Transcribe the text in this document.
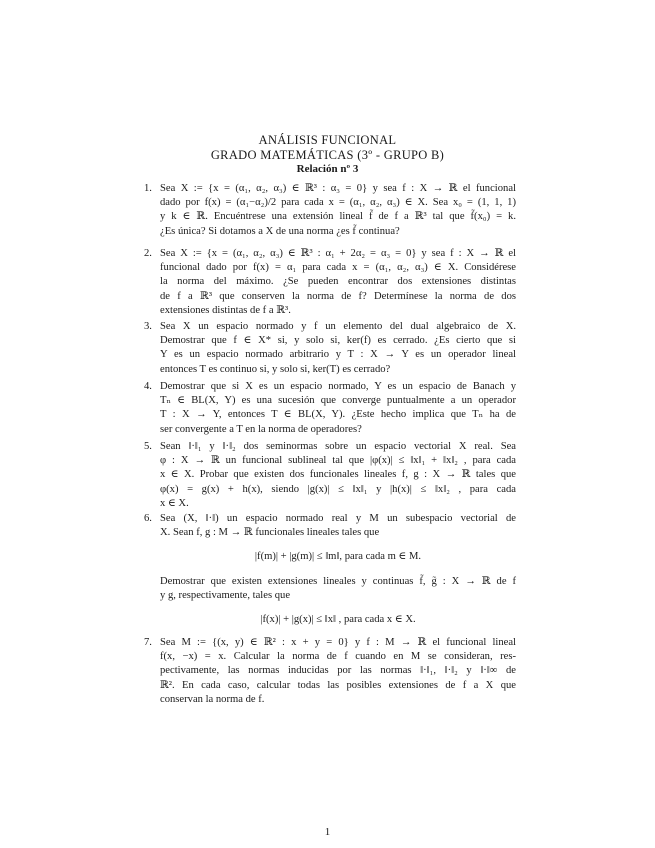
ANÁLISIS FUNCIONAL
GRADO MATEMÁTICAS (3º - GRUPO B)
Relación nº 3
1. Sea X := {x = (α₁, α₂, α₃) ∈ ℝ³ : α₃ = 0} y sea f : X → ℝ el funcional
dado por f(x) = (α₁−α₂)/2 para cada x = (α₁, α₂, α₃) ∈ X. Sea x₀ = (1, 1, 1)
y k ∈ ℝ. Encuéntrese una extensión lineal f̃ de f a ℝ³ tal que f̃(x₀) = k.
¿Es única? Si dotamos a X de una norma ¿es f̃ continua?
2. Sea X := {x = (α₁, α₂, α₃) ∈ ℝ³ : α₁ + 2α₂ = α₃ = 0} y sea f : X → ℝ el
funcional dado por f(x) = α₁ para cada x = (α₁, α₂, α₃) ∈ X. Considérese
la norma del máximo. ¿Se pueden encontrar dos extensiones distintas
de f a ℝ³ que conserven la norma de f? Determínese la norma de dos
extensiones distintas de f a ℝ³.
3. Sea X un espacio normado y f un elemento del dual algebraico de X.
Demostrar que f ∈ X* si, y solo si, ker(f) es cerrado. ¿Es cierto que si
Y es un espacio normado arbitrario y T : X → Y es un operador lineal
entonces T es continuo si, y solo si, ker(T) es cerrado?
4. Demostrar que si X es un espacio normado, Y es un espacio de Banach y
Tₙ ∈ BL(X, Y) es una sucesión que converge puntualmente a un operador
T : X → Y, entonces T ∈ BL(X, Y). ¿Este hecho implica que Tₙ ha de
ser convergente a T en la norma de operadores?
5. Sean ‖·‖₁ y ‖·‖₂ dos seminormas sobre un espacio vectorial X real. Sea
φ : X → ℝ un funcional sublineal tal que |φ(x)| ≤ ‖x‖₁ + ‖x‖₂ , para cada
x ∈ X. Probar que existen dos funcionales lineales f, g : X → ℝ tales que
φ(x) = g(x) + h(x), siendo |g(x)| ≤ ‖x‖₁ y |h(x)| ≤ ‖x‖₂ , para cada
x ∈ X.
6. Sea (X, ‖·‖) un espacio normado real y M un subespacio vectorial de
X. Sean f, g : M → ℝ funcionales lineales tales que
|f(m)| + |g(m)| ≤ ‖m‖, para cada m ∈ M.
Demostrar que existen extensiones lineales y continuas f̃, g̃ : X → ℝ de f
y g, respectivamente, tales que
|f(x)| + |g(x)| ≤ ‖x‖ , para cada x ∈ X.
7. Sea M := {(x, y) ∈ ℝ² : x + y = 0} y f : M → ℝ el funcional lineal
f(x, −x) = x. Calcular la norma de f cuando en M se consideran, res-
pectivamente, las normas inducidas por las normas ‖·‖₁, ‖·‖₂ y ‖·‖∞ de
ℝ². En cada caso, calcular todas las posibles extensiones de f a X que
conservan la norma de f.
1
